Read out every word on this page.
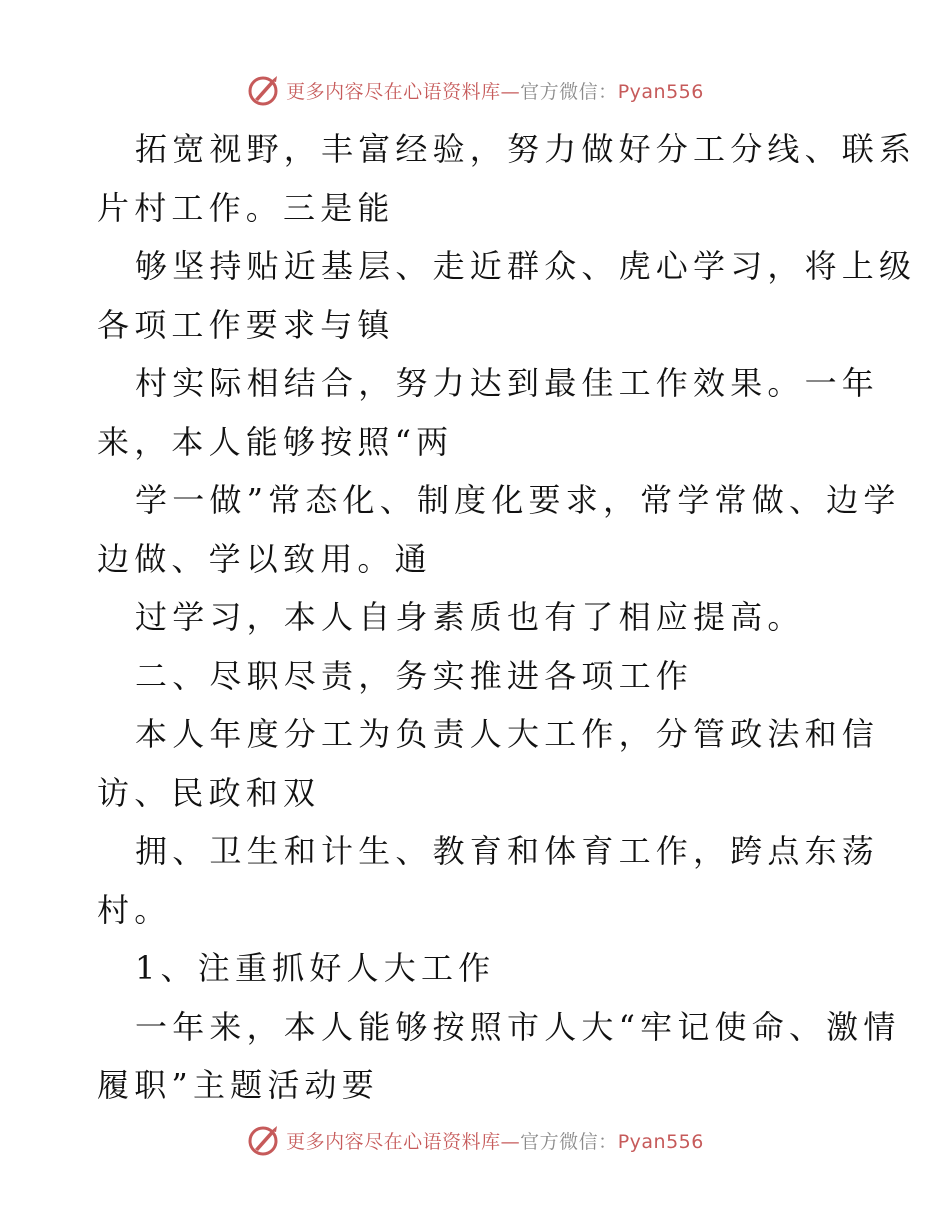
更多内容尽在心语资料库—官方微信：Pyan556
拓宽视野，丰富经验，努力做好分工分线、联系
片村工作。三是能
够坚持贴近基层、走近群众、虎心学习，将上级
各项工作要求与镇
村实际相结合，努力达到最佳工作效果。一年
来，本人能够按照“两
学一做”常态化、制度化要求，常学常做、边学
边做、学以致用。通
过学习，本人自身素质也有了相应提高。
二、尽职尽责，务实推进各项工作
本人年度分工为负责人大工作，分管政法和信
访、民政和双
拥、卫生和计生、教育和体育工作，跨点东荡
村。
1、注重抓好人大工作
一年来，本人能够按照市人大“牢记使命、激情
履职”主题活动要
更多内容尽在心语资料库—官方微信：Pyan556
